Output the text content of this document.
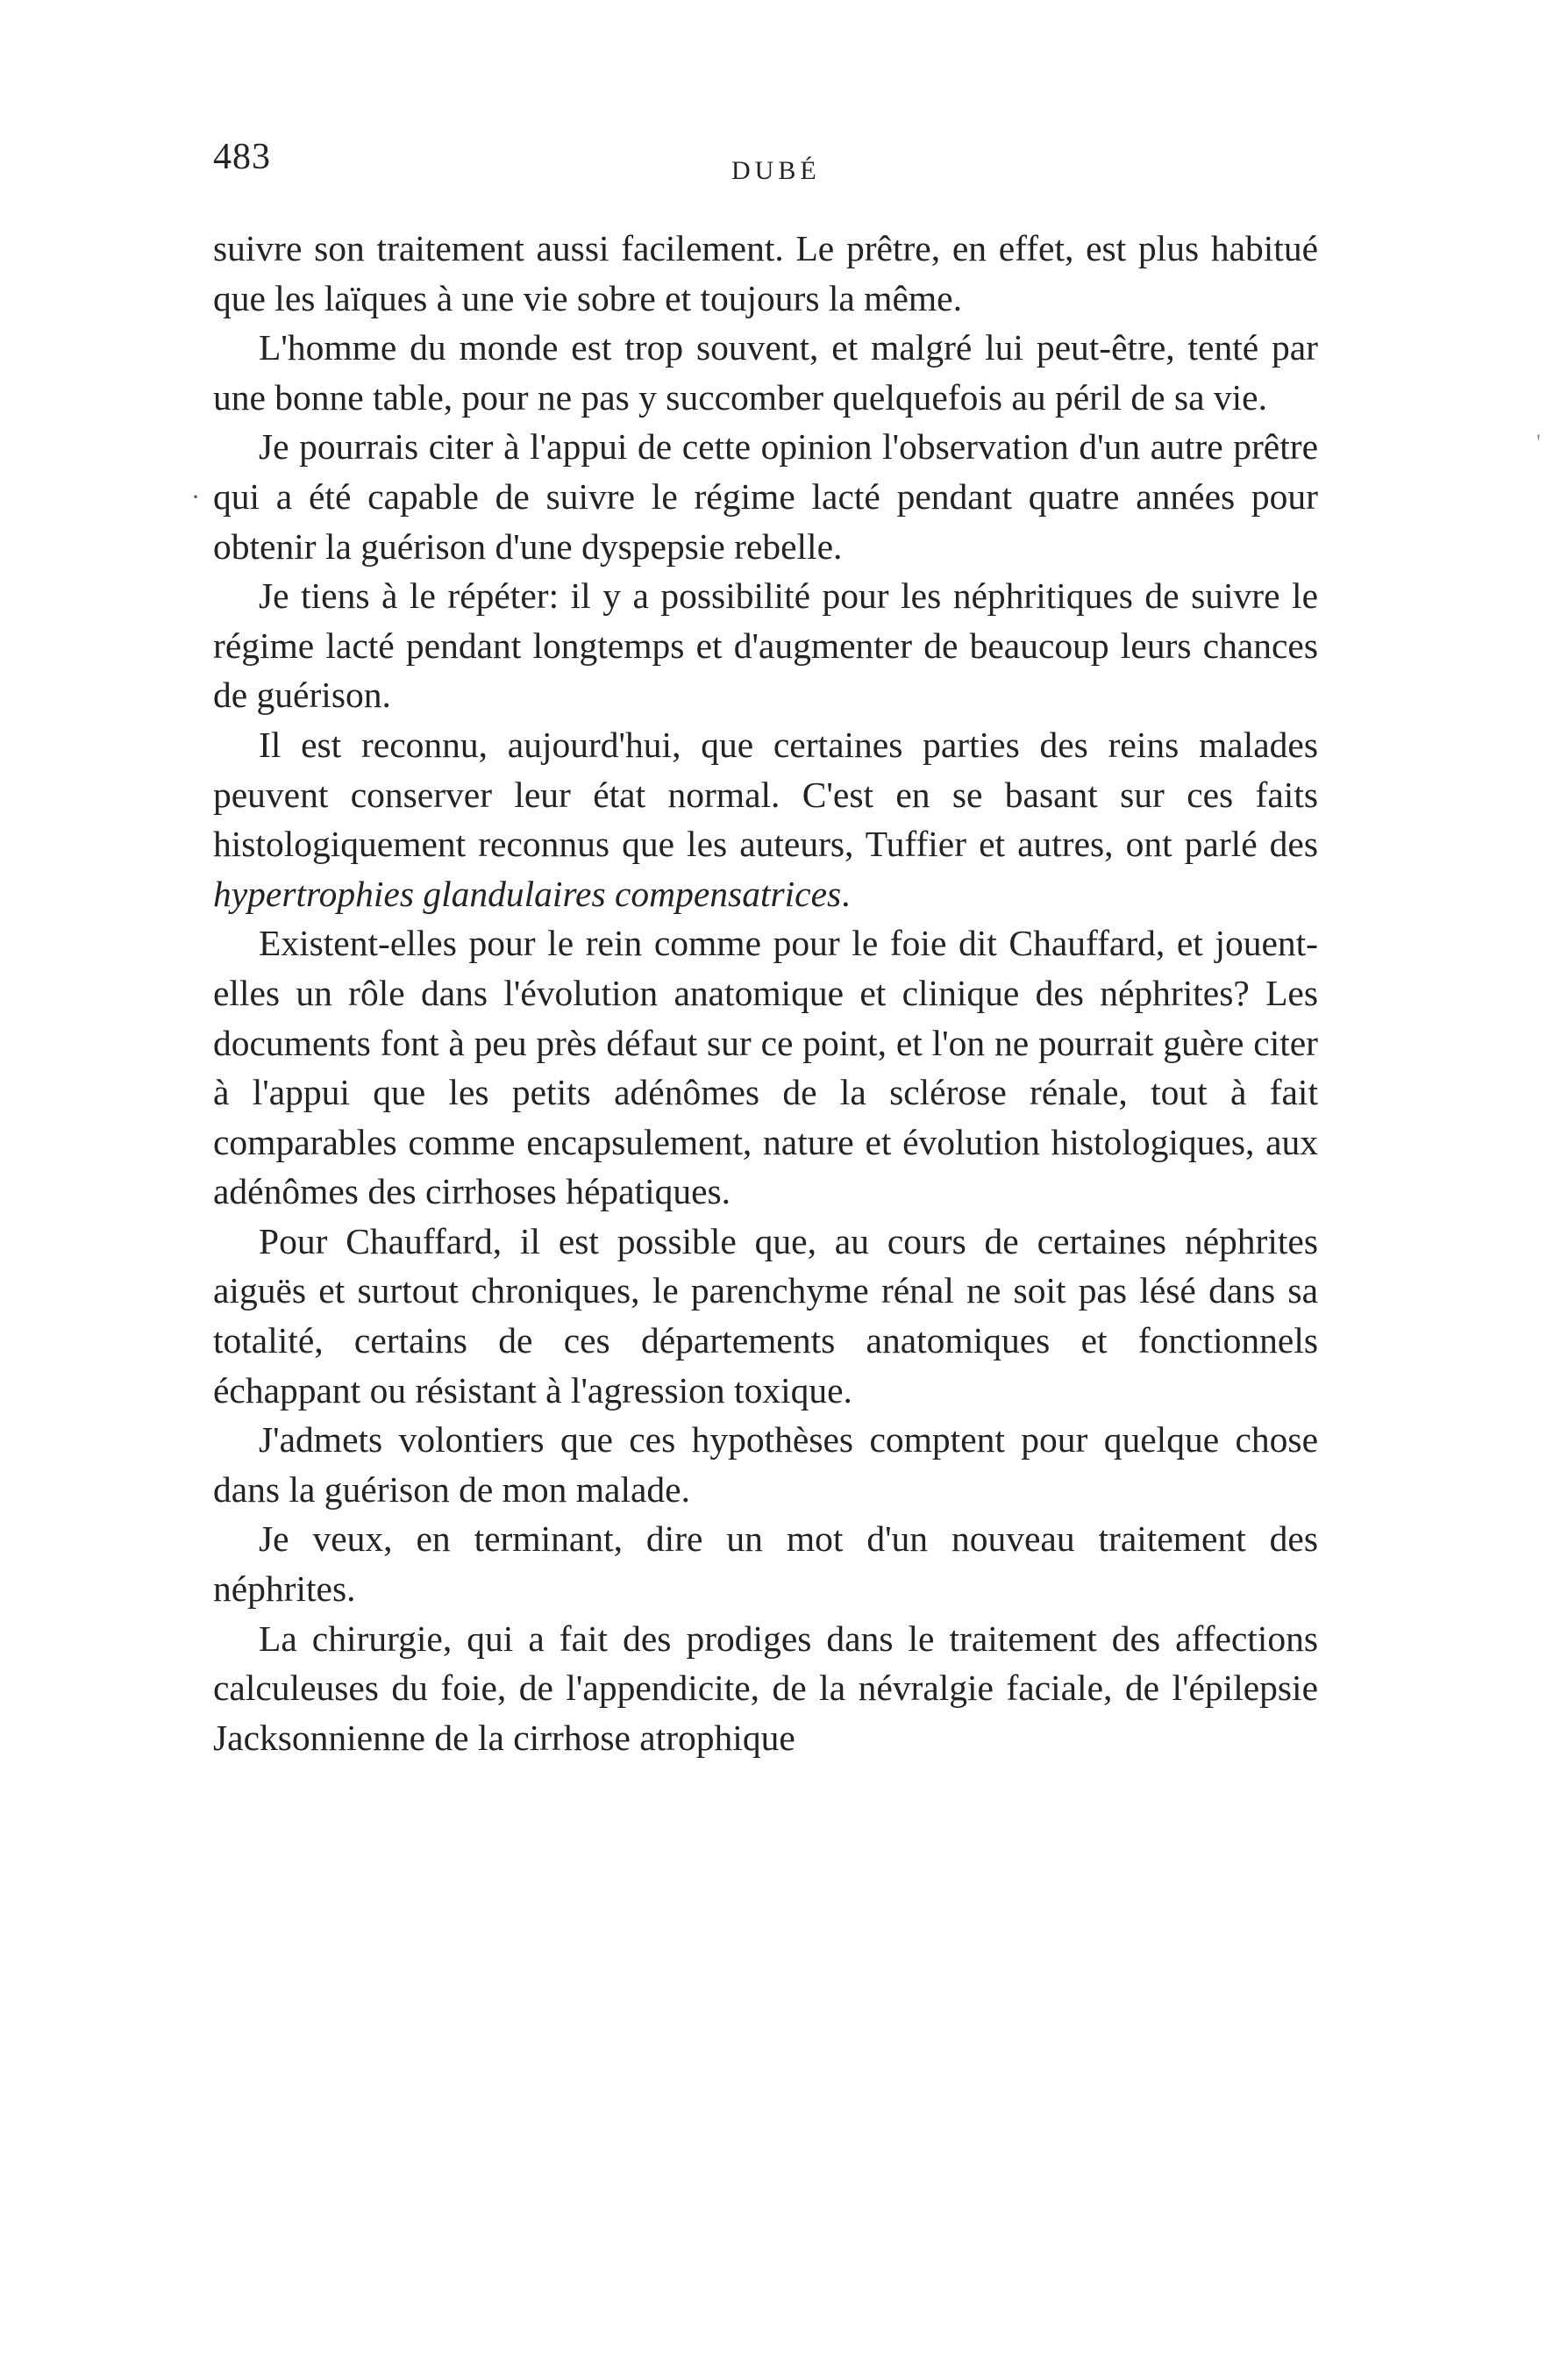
483	DUBÉ
·
'

suivre son traitement aussi facilement. Le prêtre, en effet, est plus habitué que les laïques à une vie sobre et toujours la même.

L'homme du monde est trop souvent, et malgré lui peut-être, tenté par une bonne table, pour ne pas y succomber quelquefois au péril de sa vie.

Je pourrais citer à l'appui de cette opinion l'observation d'un autre prêtre qui a été capable de suivre le régime lacté pendant quatre années pour obtenir la guérison d'une dyspepsie rebelle.

Je tiens à le répéter: il y a possibilité pour les néphritiques de suivre le régime lacté pendant longtemps et d'augmenter de beaucoup leurs chances de guérison.

Il est reconnu, aujourd'hui, que certaines parties des reins malades peuvent conserver leur état normal. C'est en se basant sur ces faits histologiquement reconnus que les auteurs, Tuffier et autres, ont parlé des hypertrophies glandulaires compensatrices.

Existent-elles pour le rein comme pour le foie dit Chauffard, et jouent-elles un rôle dans l'évolution anatomique et clinique des néphrites? Les documents font à peu près défaut sur ce point, et l'on ne pourrait guère citer à l'appui que les petits adénômes de la sclérose rénale, tout à fait comparables comme encapsulement, nature et évolution histologiques, aux adénômes des cirrhoses hépatiques.

Pour Chauffard, il est possible que, au cours de certaines néphrites aiguës et surtout chroniques, le parenchyme rénal ne soit pas lésé dans sa totalité, certains de ces départements anatomiques et fonctionnels échappant ou résistant à l'agression toxique.

J'admets volontiers que ces hypothèses comptent pour quelque chose dans la guérison de mon malade.

Je veux, en terminant, dire un mot d'un nouveau traitement des néphrites.

La chirurgie, qui a fait des prodiges dans le traitement des affections calculeuses du foie, de l'appendicite, de la névralgie faciale, de l'épilepsie Jacksonnienne de la cirrhose atrophique
